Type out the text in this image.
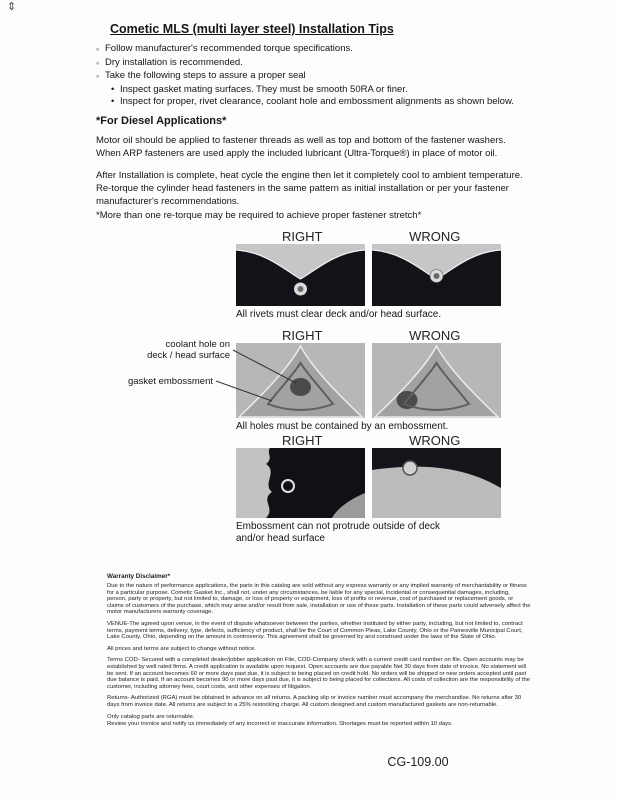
⇕
Cometic MLS (multi layer steel) Installation Tips
◦
Follow manufacturer's recommended torque specifications.
◦
Dry installation is recommended.
◦
Take the following steps to assure a proper seal
•
Inspect gasket mating surfaces. They must be smooth 50RA or finer.
•
Inspect for proper, rivet clearance, coolant hole and embossment alignments as shown below.
*For Diesel Applications*

Motor oil should be applied to fastener threads as well as top and bottom of the fastener washers. When ARP fasteners are used apply the included lubricant (Ultra-Torque®) in place of motor oil.

After Installation is complete, heat cycle the engine then let it completely cool to ambient temperature. Re-torque the cylinder head fasteners in the same pattern as initial installation or per your fastener manufacturer's recommendations.

*More than one re-torque may be required to achieve proper fastener stretch*

RIGHT	WRONG
All rivets must clear deck and/or head surface.
RIGHT	WRONG
All holes must be contained by an embossment.
coolant hole on
deck / head surface
gasket embossment
RIGHT	WRONG
Embossment can not protrude outside of deck and/or head surface
Warranty Disclaimer*

Due to the nature of performance applications, the parts in this catalog are sold without any express warranty or any implied warranty of merchantability or fitness for a particular purpose. Cometic Gasket Inc., shall not, under any circumstances, be liable for any special, incidental or consequential damages, including, person, party or property, but not limited to, damage, or loss of property or equipment, loss of profits or revenue, cost of purchased or replacement goods, or claims of customers of the purchase, which may arise and/or result from sale, installation or use of these parts. Installation of these parts could adversely affect the motor manufacturers warranty coverage.

VENUE-The agreed upon venue, in the event of dispute whatsoever between the parties, whether instituted by either party, including, but not limited to, contract terms, payment terms, delivery, type, defects, sufficiency of product, shall be the Court of Common Pleas, Lake County, Ohio or the Painesville Municipal Court, Lake County, Ohio, depending on the amount in controversy. This agreement shall be governed by and construed under the laws of the State of Ohio.

All prices and terms are subject to change without notice.

Terms COD- Secured with a completed dealer/jobber application on File, COD-Company check with a current credit card number on file. Open accounts may be established by well rated firms. A credit application is available upon request. Open accounts are due payable Net 30 days from date of invoice. No statement will be sent. If an account becomes 60 or more days past due, it is subject to being placed on credit hold. No orders will be shipped or new orders accepted until past due balance is paid. If an account becomes 90 or more days past due, it is subject to being placed for collections. All costs of collection are the responsibility of the customer, including attorney fees, court costs, and other expenses of litigation.

Returns- Authorized (RGA) must be obtained in advance on all returns. A packing slip or invoice number must accompany the merchandise. No returns after 30 days from invoice date. All returns are subject to a 25% restocking charge. All custom designed and custom manufactured gaskets are non-returnable.

Only catalog parts are returnable.

Review your invoice and notify us immediately of any incorrect or inaccurate information. Shortages must be reported within 10 days.

CG-109.00
